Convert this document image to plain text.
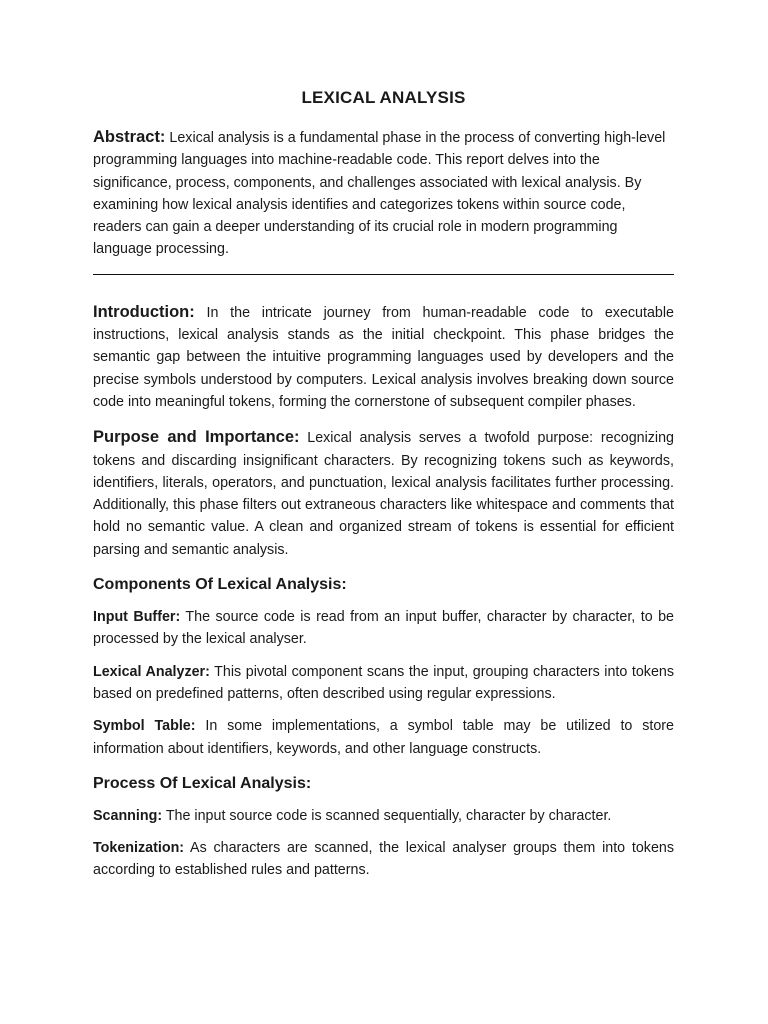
LEXICAL ANALYSIS

Abstract: Lexical analysis is a fundamental phase in the process of converting high-level programming languages into machine-readable code. This report delves into the significance, process, components, and challenges associated with lexical analysis. By examining how lexical analysis identifies and categorizes tokens within source code, readers can gain a deeper understanding of its crucial role in modern programming language processing.

Introduction: In the intricate journey from human-readable code to executable instructions, lexical analysis stands as the initial checkpoint. This phase bridges the semantic gap between the intuitive programming languages used by developers and the precise symbols understood by computers. Lexical analysis involves breaking down source code into meaningful tokens, forming the cornerstone of subsequent compiler phases.

Purpose and Importance: Lexical analysis serves a twofold purpose: recognizing tokens and discarding insignificant characters. By recognizing tokens such as keywords, identifiers, literals, operators, and punctuation, lexical analysis facilitates further processing. Additionally, this phase filters out extraneous characters like whitespace and comments that hold no semantic value. A clean and organized stream of tokens is essential for efficient parsing and semantic analysis.

Components Of Lexical Analysis:

Input Buffer: The source code is read from an input buffer, character by character, to be processed by the lexical analyser.

Lexical Analyzer: This pivotal component scans the input, grouping characters into tokens based on predefined patterns, often described using regular expressions.

Symbol Table: In some implementations, a symbol table may be utilized to store information about identifiers, keywords, and other language constructs.

Process Of Lexical Analysis:

Scanning: The input source code is scanned sequentially, character by character.

Tokenization: As characters are scanned, the lexical analyser groups them into tokens according to established rules and patterns.
